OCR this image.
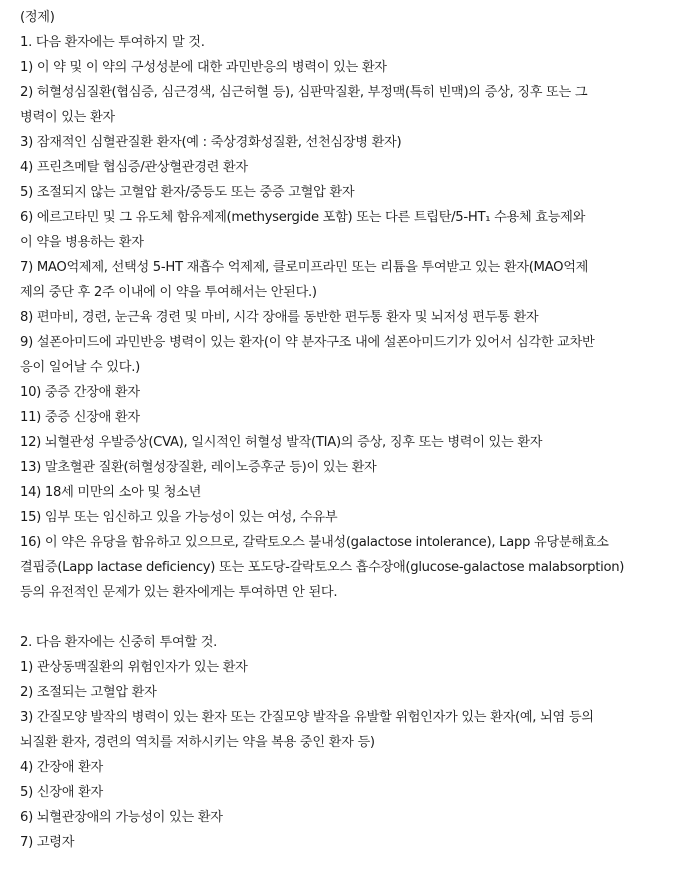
(정제)
1. 다음 환자에는 투여하지 말 것.
1) 이 약 및 이 약의 구성성분에 대한 과민반응의 병력이 있는 환자
2) 허혈성심질환(협심증, 심근경색, 심근허혈 등), 심판막질환, 부정맥(특히 빈맥)의 증상, 징후 또는 그
병력이 있는 환자
3) 잠재적인 심혈관질환 환자(예 : 죽상경화성질환, 선천심장병 환자)
4) 프린츠메탈 협심증/관상혈관경련 환자
5) 조절되지 않는 고혈압 환자/중등도 또는 중증 고혈압 환자
6) 에르고타민 및 그 유도체 함유제제(methysergide 포함) 또는 다른 트립탄/5-HT₁ 수용체 효능제와
이 약을 병용하는 환자
7) MAO억제제, 선택성 5-HT 재흡수 억제제, 클로미프라민 또는 리튬을 투여받고 있는 환자(MAO억제
제의 중단 후 2주 이내에 이 약을 투여해서는 안된다.)
8) 편마비, 경련, 눈근육 경련 및 마비, 시각 장애를 동반한 편두통 환자 및 뇌저성 편두통 환자
9) 설폰아미드에 과민반응 병력이 있는 환자(이 약 분자구조 내에 설폰아미드기가 있어서 심각한 교차반
응이 일어날 수 있다.)
10) 중증 간장애 환자
11) 중증 신장애 환자
12) 뇌혈관성 우발증상(CVA), 일시적인 허혈성 발작(TIA)의 증상, 징후 또는 병력이 있는 환자
13) 말초혈관 질환(허혈성장질환, 레이노증후군 등)이 있는 환자
14) 18세 미만의 소아 및 청소년
15) 임부 또는 임신하고 있을 가능성이 있는 여성, 수유부
16) 이 약은 유당을 함유하고 있으므로, 갈락토오스 불내성(galactose intolerance), Lapp 유당분해효소
결핍증(Lapp lactase deficiency) 또는 포도당-갈락토오스 흡수장애(glucose-galactose malabsorption)
등의 유전적인 문제가 있는 환자에게는 투여하면 안 된다.
2. 다음 환자에는 신중히 투여할 것.
1) 관상동맥질환의 위험인자가 있는 환자
2) 조절되는 고혈압 환자
3) 간질모양 발작의 병력이 있는 환자 또는 간질모양 발작을 유발할 위험인자가 있는 환자(예, 뇌염 등의
뇌질환 환자, 경련의 역치를 저하시키는 약을 복용 중인 환자 등)
4) 간장애 환자
5) 신장애 환자
6) 뇌혈관장애의 가능성이 있는 환자
7) 고령자
